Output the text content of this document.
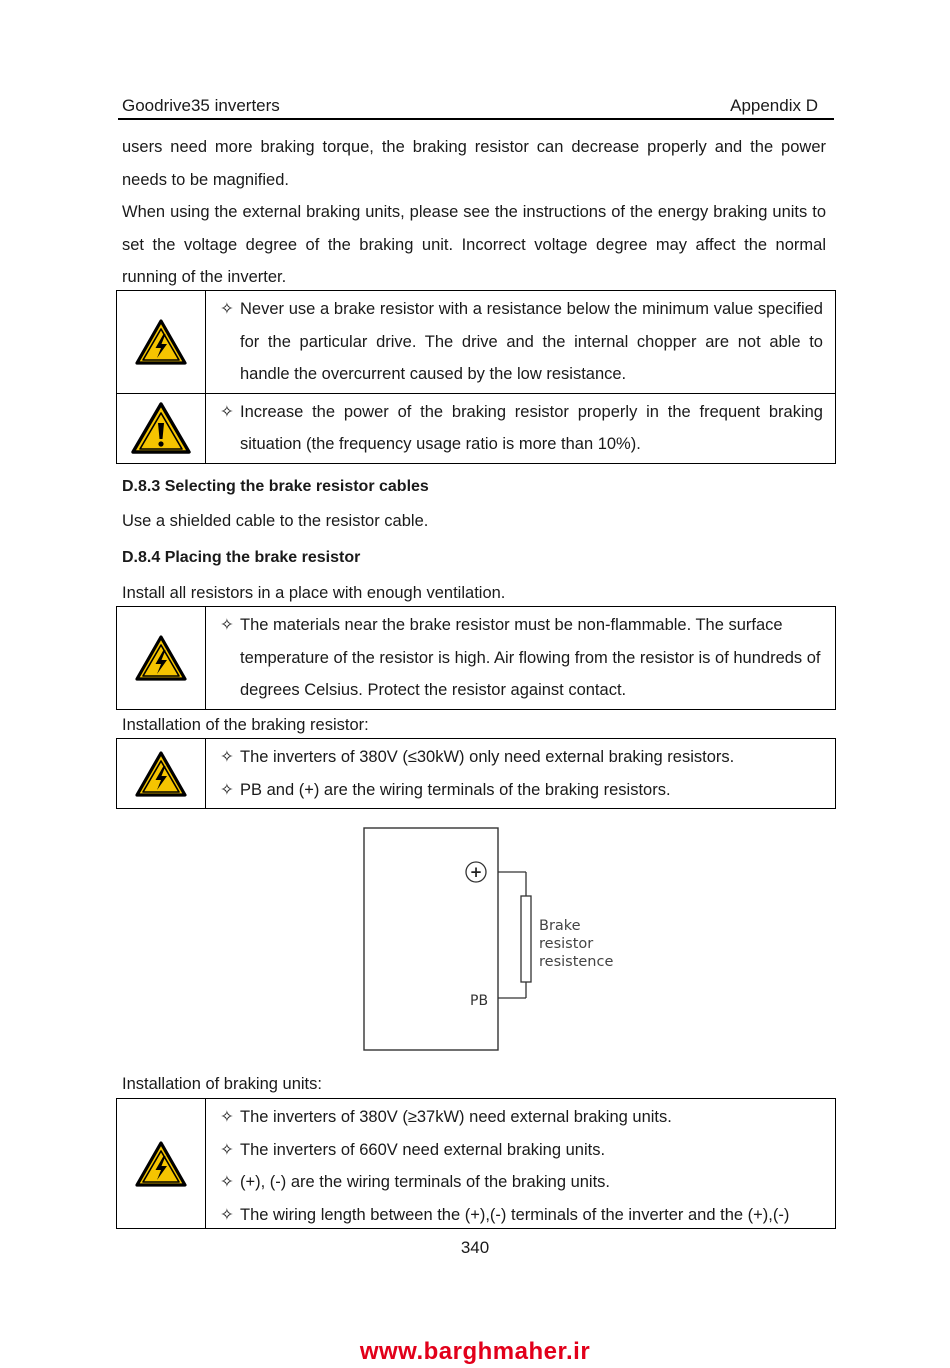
Goodrive35 inverters	Appendix D
users need more braking torque, the braking resistor can decrease properly and the power needs to be magnified.
When using the external braking units, please see the instructions of the energy braking units to set the voltage degree of the braking unit. Incorrect voltage degree may affect the normal running of the inverter.
✧ Never use a brake resistor with a resistance below the minimum value specified for the particular drive. The drive and the internal chopper are not able to handle the overcurrent caused by the low resistance.
✧ Increase the power of the braking resistor properly in the frequent braking situation (the frequency usage ratio is more than 10%).
D.8.3 Selecting the brake resistor cables
Use a shielded cable to the resistor cable.
D.8.4 Placing the brake resistor
Install all resistors in a place with enough ventilation.
✧ The materials near the brake resistor must be non-flammable. The surface temperature of the resistor is high. Air flowing from the resistor is of hundreds of degrees Celsius. Protect the resistor against contact.
Installation of the braking resistor:
✧ The inverters of 380V (≤30kW) only need external braking resistors.
✧ PB and (+) are the wiring terminals of the braking resistors.
+
PB
Brake
resistor
resistence
Installation of braking units:
✧ The inverters of 380V (≥37kW) need external braking units.
✧ The inverters of 660V need external braking units.
✧ (+), (-) are the wiring terminals of the braking units.
✧ The wiring length between the (+),(-) terminals of the inverter and the (+),(-)
340
www.barghmaher.ir
